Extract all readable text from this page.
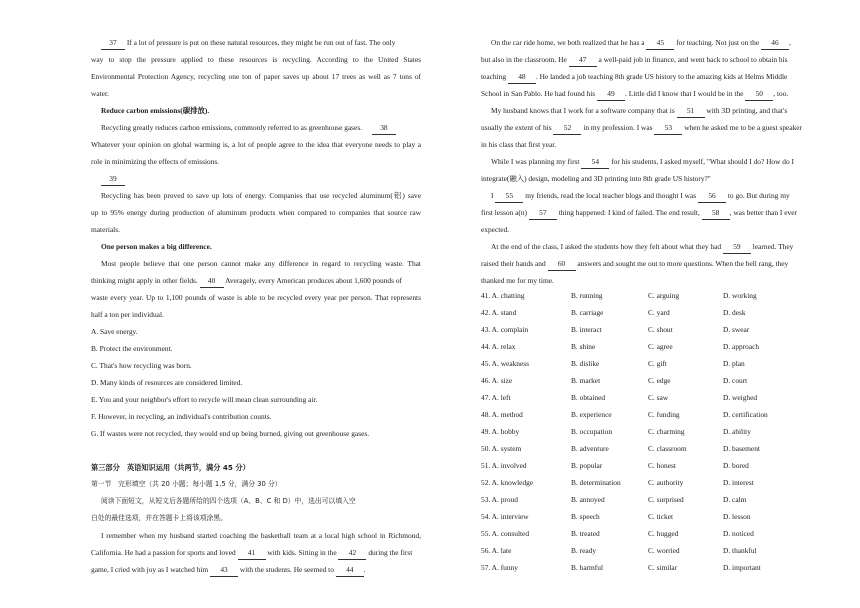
37 If a lot of pressure is put on these natural resources, they might be run out of fast. The only
way to stop the pressure applied to these resources is recycling. According to the United States
Environmental Protection Agency, recycling one ton of paper saves up about 17 trees as well as 7 tons of
water.
Reduce carbon emissions(碳排放).
Recycling greatly reduces carbon emissions, commonly referred to as greenhouse gases. 38
Whatever your opinion on global warming is, a lot of people agree to the idea that everyone needs to play a
role in minimizing the effects of emissions.
39
Recycling has been proved to save up lots of energy. Companies that use recycled aluminum(铝) save
up to 95% energy during production of aluminum products when compared to companies that source raw
materials.
One person makes a big difference.
Most people believe that one person cannot make any difference in regard to recycling waste. That
thinking might apply in other fields. 40 Averagely, every American produces about 1,600 pounds of
waste every year. Up to 1,100 pounds of waste is able to be recycled every year per person. That represents
half a ton per individual.
A. Save energy.
B. Protect the environment.
C. That's how recycling was born.
D. Many kinds of resources are considered limited.
E. You and your neighbor's effort to recycle will mean clean surrounding air.
F. However, in recycling, an individual's contribution counts.
G. If wastes were not recycled, they would end up being burned, giving out greenhouse gases.
第三部分　英语知识运用（共两节，满分 45 分）
第一节　完形填空（共 20 小题；每小题 1.5 分，满分 30 分）
阅读下面短文，从短文后各题所给的四个选项（A、B、C 和 D）中，选出可以填入空
白处的最佳选项，并在答题卡上将该项涂黑。
I remember when my husband started coaching the basketball team at a local high school in Richmond,
California. He had a passion for sports and loved 41 with kids. Sitting in the 42 during the first
game, I cried with joy as I watched him 43 with the students. He seemed to 44 .
On the car ride home, we both realized that he has a 45 for teaching. Not just on the 46 ,
but also in the classroom. He 47 a well-paid job in finance, and went back to school to obtain his
teaching 48 . He landed a job teaching 8th grade US history to the amazing kids at Helms Middle
School in San Pablo. He had found his 49 . Little did I know that I would be in the 50 , too.
My husband knows that I work for a software company that is 51 with 3D printing, and that's
usually the extent of his 52 in my profession. I was 53 when he asked me to be a guest speaker
in his class that first year.
While I was planning my first 54 for his students, I asked myself, "What should I do? How do I
integrate(融入) design, modeling and 3D printing into 8th grade US history?"
I 55 my friends, read the local teacher blogs and thought I was 56 to go. But during my
first lesson a(n) 57 thing happened: I kind of failed. The end result, 58 , was better than I ever
expected.
At the end of the class, I asked the students how they felt about what they had 59 learned. They
raised their hands and 60 answers and sought me out to more questions. When the bell rang, they
thanked me for my time.
41. A. chatting	B. running	C. arguing	D. working
42. A. stand	B. carriage	C. yard	D. desk
43. A. complain	B. interact	C. shout	D. swear
44. A. relax	B. shine	C. agree	D. approach
45. A. weakness	B. dislike	C. gift	D. plan
46. A. size	B. market	C. edge	D. court
47. A. left	B. obtained	C. saw	D. weighed
48. A. method	B. experience	C. funding	D. certification
49. A. hobby	B. occupation	C. charming	D. ability
50. A. system	B. adventure	C. classroom	D. basement
51. A. involved	B. popular	C. honest	D. bored
52. A. knowledge	B. determination	C. authority	D. interest
53. A. proud	B. annoyed	C. surprised	D. calm
54. A. interview	B. speech	C. ticket	D. lesson
55. A. consulted	B. treated	C. hugged	D. noticed
56. A. late	B. ready	C. worried	D. thankful
57. A. funny	B. harmful	C. similar	D. important
